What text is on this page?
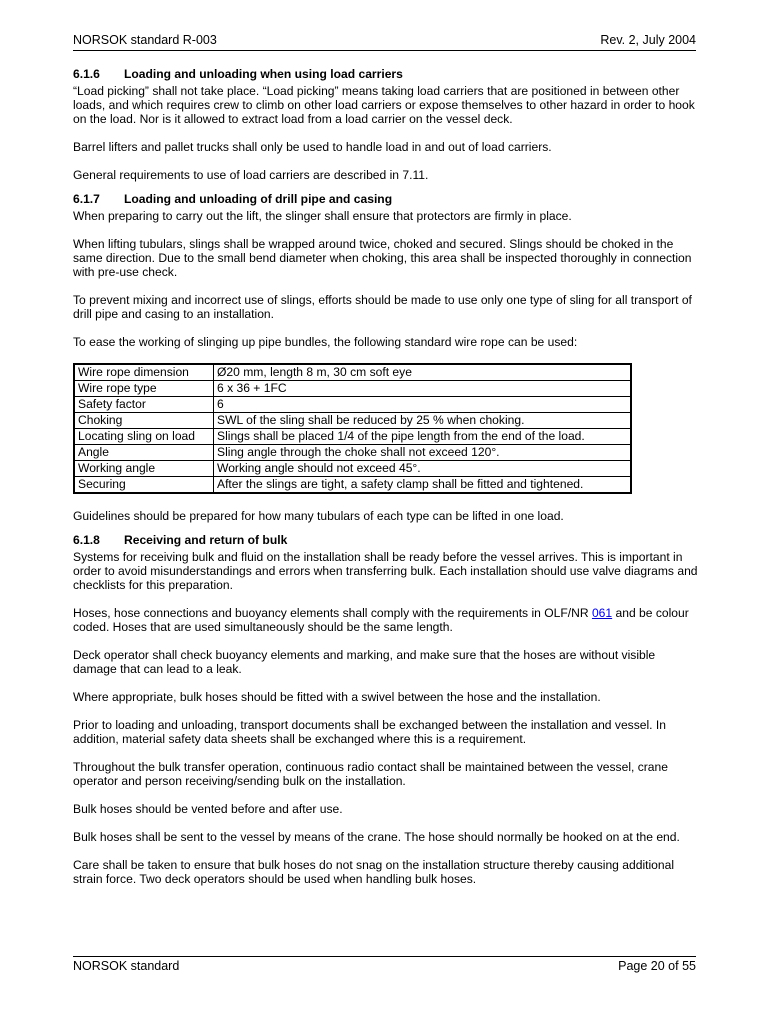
NORSOK standard R-003	Rev. 2, July 2004
6.1.6 Loading and unloading when using load carriers

“Load picking” shall not take place. “Load picking” means taking load carriers that are positioned in between other loads, and which requires crew to climb on other load carriers or expose themselves to other hazard in order to hook on the load. Nor is it allowed to extract load from a load carrier on the vessel deck.

Barrel lifters and pallet trucks shall only be used to handle load in and out of load carriers.

General requirements to use of load carriers are described in 7.11.

6.1.7 Loading and unloading of drill pipe and casing

When preparing to carry out the lift, the slinger shall ensure that protectors are firmly in place.

When lifting tubulars, slings shall be wrapped around twice, choked and secured. Slings should be choked in the same direction. Due to the small bend diameter when choking, this area shall be inspected thoroughly in connection with pre-use check.

To prevent mixing and incorrect use of slings, efforts should be made to use only one type of sling for all transport of drill pipe and casing to an installation.

To ease the working of slinging up pipe bundles, the following standard wire rope can be used:

Wire rope dimension	Ø20 mm, length 8 m, 30 cm soft eye
Wire rope type	6 x 36 + 1FC
Safety factor	6
Choking	SWL of the sling shall be reduced by 25 % when choking.
Locating sling on load	Slings shall be placed 1/4 of the pipe length from the end of the load.
Angle	Sling angle through the choke shall not exceed 120°.
Working angle	Working angle should not exceed 45°.
Securing	After the slings are tight, a safety clamp shall be fitted and tightened.

Guidelines should be prepared for how many tubulars of each type can be lifted in one load.

6.1.8 Receiving and return of bulk

Systems for receiving bulk and fluid on the installation shall be ready before the vessel arrives. This is important in order to avoid misunderstandings and errors when transferring bulk. Each installation should use valve diagrams and checklists for this preparation.

Hoses, hose connections and buoyancy elements shall comply with the requirements in OLF/NR 061 and be colour coded. Hoses that are used simultaneously should be the same length.

Deck operator shall check buoyancy elements and marking, and make sure that the hoses are without visible damage that can lead to a leak.

Where appropriate, bulk hoses should be fitted with a swivel between the hose and the installation.

Prior to loading and unloading, transport documents shall be exchanged between the installation and vessel. In addition, material safety data sheets shall be exchanged where this is a requirement.

Throughout the bulk transfer operation, continuous radio contact shall be maintained between the vessel, crane operator and person receiving/sending bulk on the installation.

Bulk hoses should be vented before and after use.

Bulk hoses shall be sent to the vessel by means of the crane. The hose should normally be hooked on at the end.

Care shall be taken to ensure that bulk hoses do not snag on the installation structure thereby causing additional strain force. Two deck operators should be used when handling bulk hoses.

NORSOK standard	Page 20 of 55
